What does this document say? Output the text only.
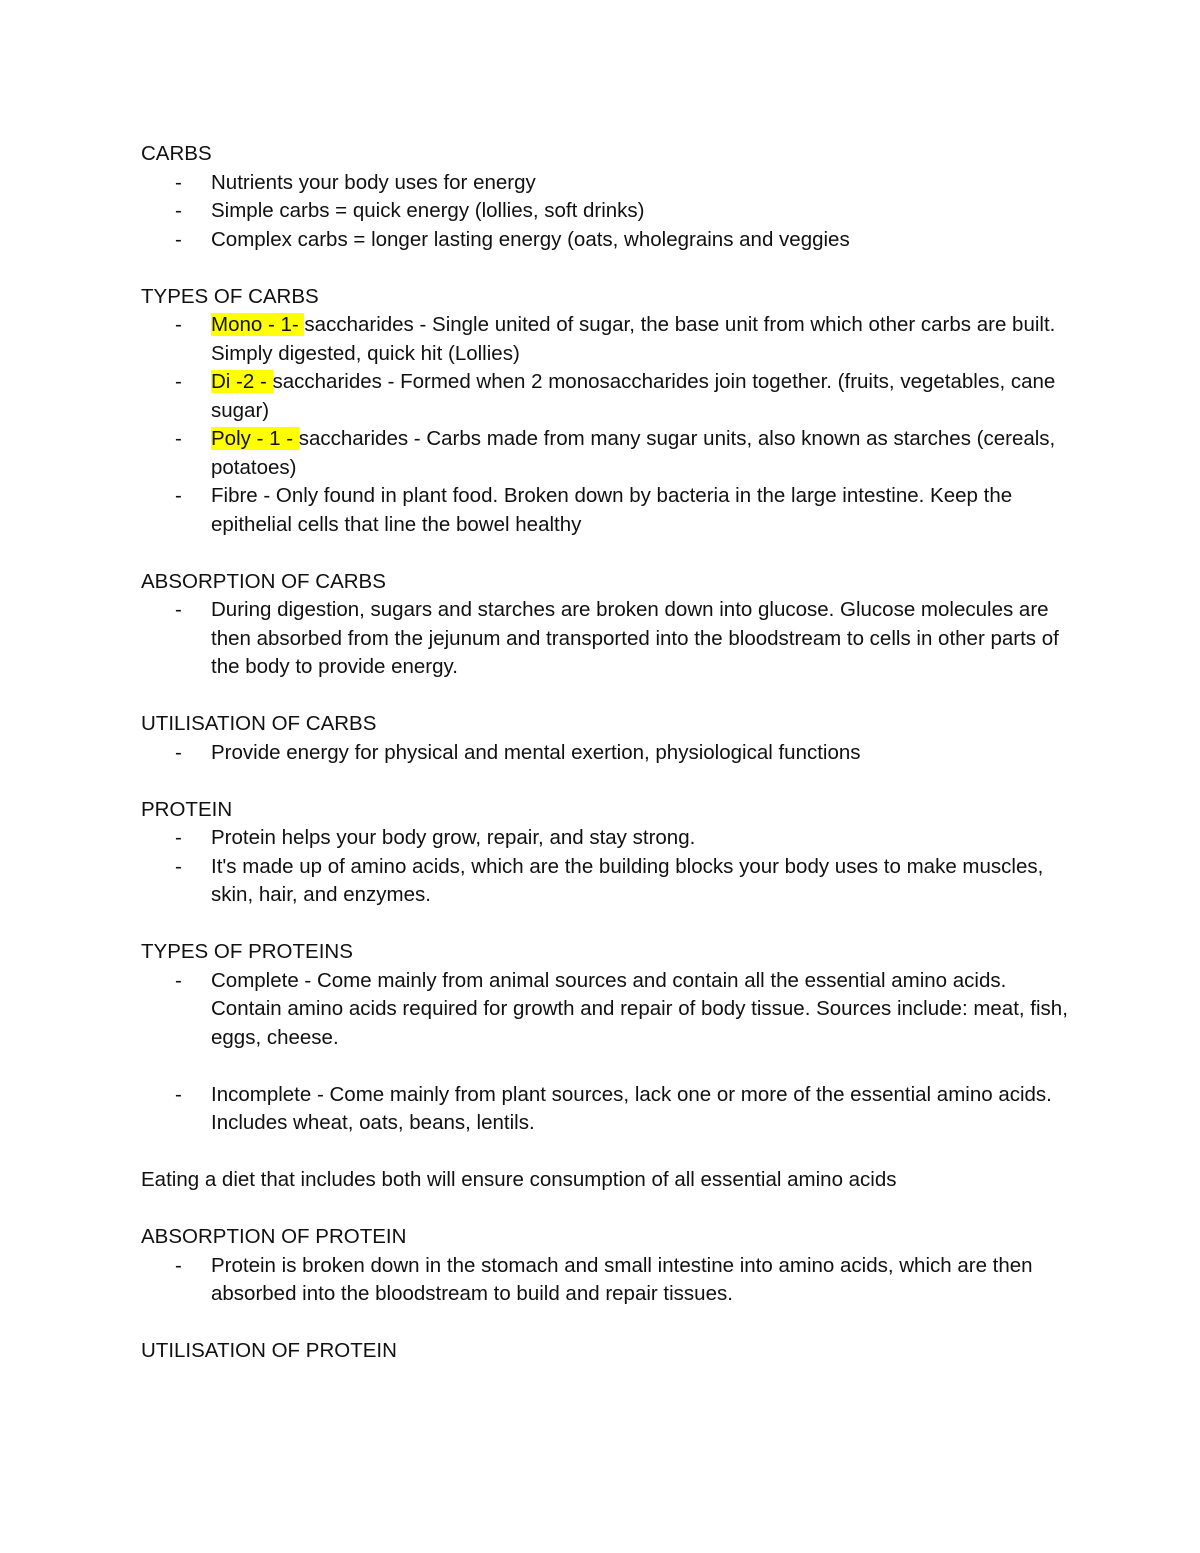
CARBS

- Nutrients your body uses for energy
- Simple carbs = quick energy (lollies, soft drinks)
- Complex carbs = longer lasting energy (oats, wholegrains and veggies

TYPES OF CARBS

- Mono - 1- saccharides - Single united of sugar, the base unit from which other carbs are built. Simply digested, quick hit (Lollies)
- Di -2 - saccharides - Formed when 2 monosaccharides join together. (fruits, vegetables, cane sugar)
- Poly - 1 - saccharides - Carbs made from many sugar units, also known as starches (cereals, potatoes)
- Fibre - Only found in plant food. Broken down by bacteria in the large intestine. Keep the epithelial cells that line the bowel healthy

ABSORPTION OF CARBS

- During digestion, sugars and starches are broken down into glucose. Glucose molecules are then absorbed from the jejunum and transported into the bloodstream to cells in other parts of the body to provide energy.

UTILISATION OF CARBS

- Provide energy for physical and mental exertion, physiological functions

PROTEIN

- Protein helps your body grow, repair, and stay strong.
- It's made up of amino acids, which are the building blocks your body uses to make muscles, skin, hair, and enzymes.

TYPES OF PROTEINS

- Complete - Come mainly from animal sources and contain all the essential amino acids. Contain amino acids required for growth and repair of body tissue. Sources include: meat, fish, eggs, cheese.
- Incomplete - Come mainly from plant sources, lack one or more of the essential amino acids. Includes wheat, oats, beans, lentils.

Eating a diet that includes both will ensure consumption of all essential amino acids

ABSORPTION OF PROTEIN

- Protein is broken down in the stomach and small intestine into amino acids, which are then absorbed into the bloodstream to build and repair tissues.

UTILISATION OF PROTEIN
